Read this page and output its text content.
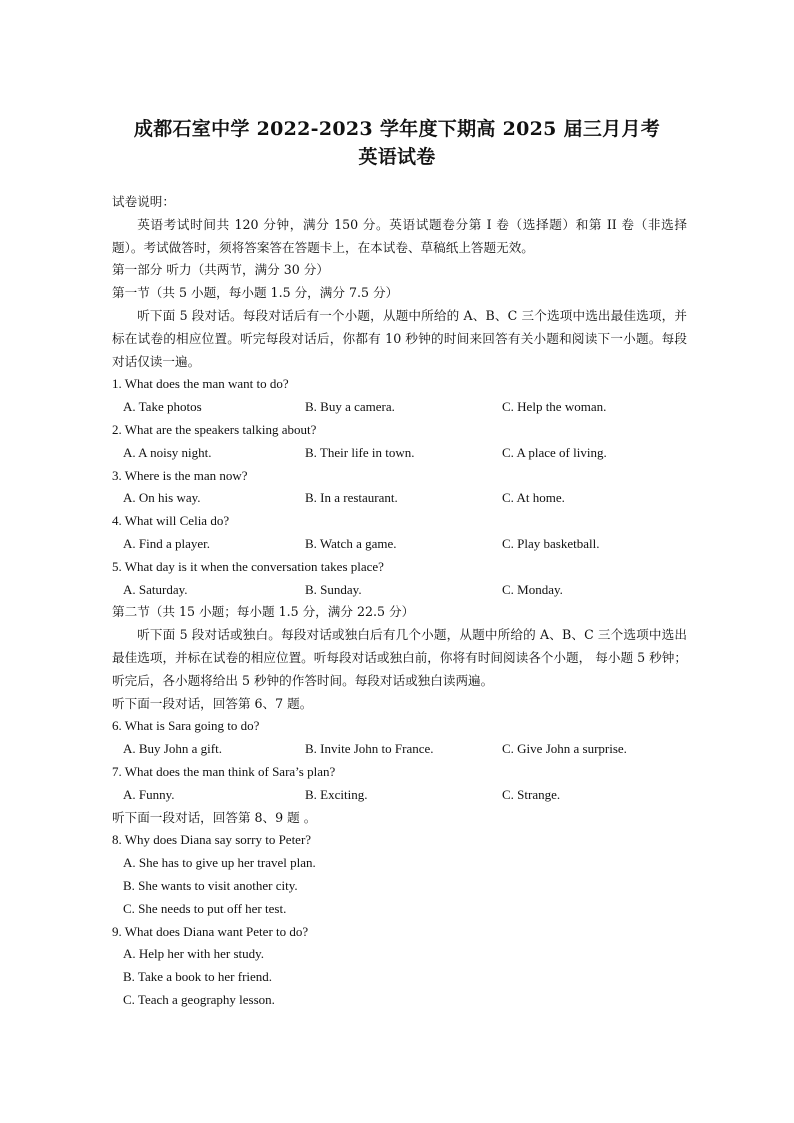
成都石室中学 2022-2023 学年度下期高 2025 届三月月考
英语试卷
试卷说明：
英语考试时间共 120 分钟，满分 150 分。英语试题卷分第 I 卷（选择题）和第 II 卷（非选择题）。考试做答时，须将答案答在答题卡上，在本试卷、草稿纸上答题无效。
第一部分 听力（共两节，满分 30 分）
第一节（共 5 小题，每小题 1.5 分，满分 7.5 分）
听下面 5 段对话。每段对话后有一个小题，从题中所给的 A、B、C 三个选项中选出最佳选项，并标在试卷的相应位置。听完每段对话后，你都有 10 秒钟的时间来回答有关小题和阅读下一小题。每段对话仅读一遍。
1. What does the man want to do?
A. Take photos	B. Buy a camera.	C. Help the woman.
2. What are the speakers talking about?
A. A noisy night.	B. Their life in town.	C. A place of living.
3. Where is the man now?
A. On his way.	B. In a restaurant.	C. At home.
4. What will Celia do?
A. Find a player.	B. Watch a game.	C. Play basketball.
5. What day is it when the conversation takes place?
A. Saturday.	B. Sunday.	C. Monday.
第二节（共 15 小题；每小题 1.5 分，满分 22.5 分）
听下面 5 段对话或独白。每段对话或独白后有几个小题，从题中所给的 A、B、C 三个选项中选出最佳选项，并标在试卷的相应位置。听每段对话或独白前，你将有时间阅读各个小题， 每小题 5 秒钟；听完后，各小题将给出 5 秒钟的作答时间。每段对话或独白读两遍。
听下面一段对话，回答第 6、7 题。
6. What is Sara going to do?
A. Buy John a gift.	B. Invite John to France.	C. Give John a surprise.
7. What does the man think of Sara’s plan?
A. Funny.	B. Exciting.	C. Strange.
听下面一段对话，回答第 8、9 题 。
8. Why does Diana say sorry to Peter?
A. She has to give up her travel plan.
B. She wants to visit another city.
C. She needs to put off her test.
9. What does Diana want Peter to do?
A. Help her with her study.
B. Take a book to her friend.
C. Teach a geography lesson.
